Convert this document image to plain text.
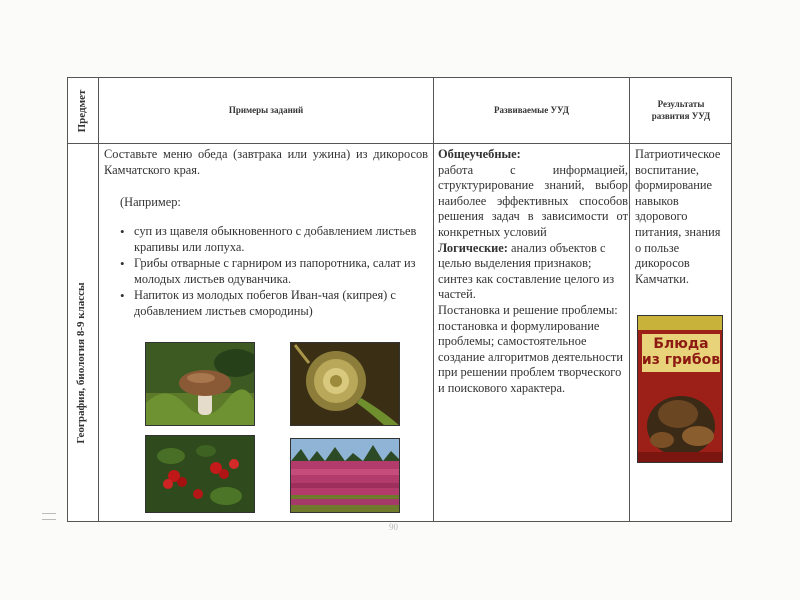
Предмет	Примеры заданий	Развиваемые УУД
Результаты развития УУД
География, биология 8-9 классы
Составьте меню обеда (завтрака или ужина) из дикоросов Камчатского края.
(Например:
• суп из щавеля обыкновенного с добавлением листьев крапивы или лопуха.
• Грибы отварные с гарниром из папоротника, салат из молодых листьев одуванчика.
• Напиток из молодых побегов Иван-чая (кипрея) с добавлением листьев смородины)
Общеучебные:
работа с информацией, структурирование знаний, выбор наиболее эффективных способов решения задач в зависимости от конкретных условий
Логические: анализ объектов с целью выделения признаков; синтез как составление целого из частей.
Постановка и решение проблемы: постановка и формулирование проблемы; самостоятельное создание алгоритмов деятельности при решении проблем творческого и поискового характера.
Патриотическое воспитание, формирование навыков здорового питания, знания о пользе дикоросов Камчатки.
Блюда
из грибов
90
